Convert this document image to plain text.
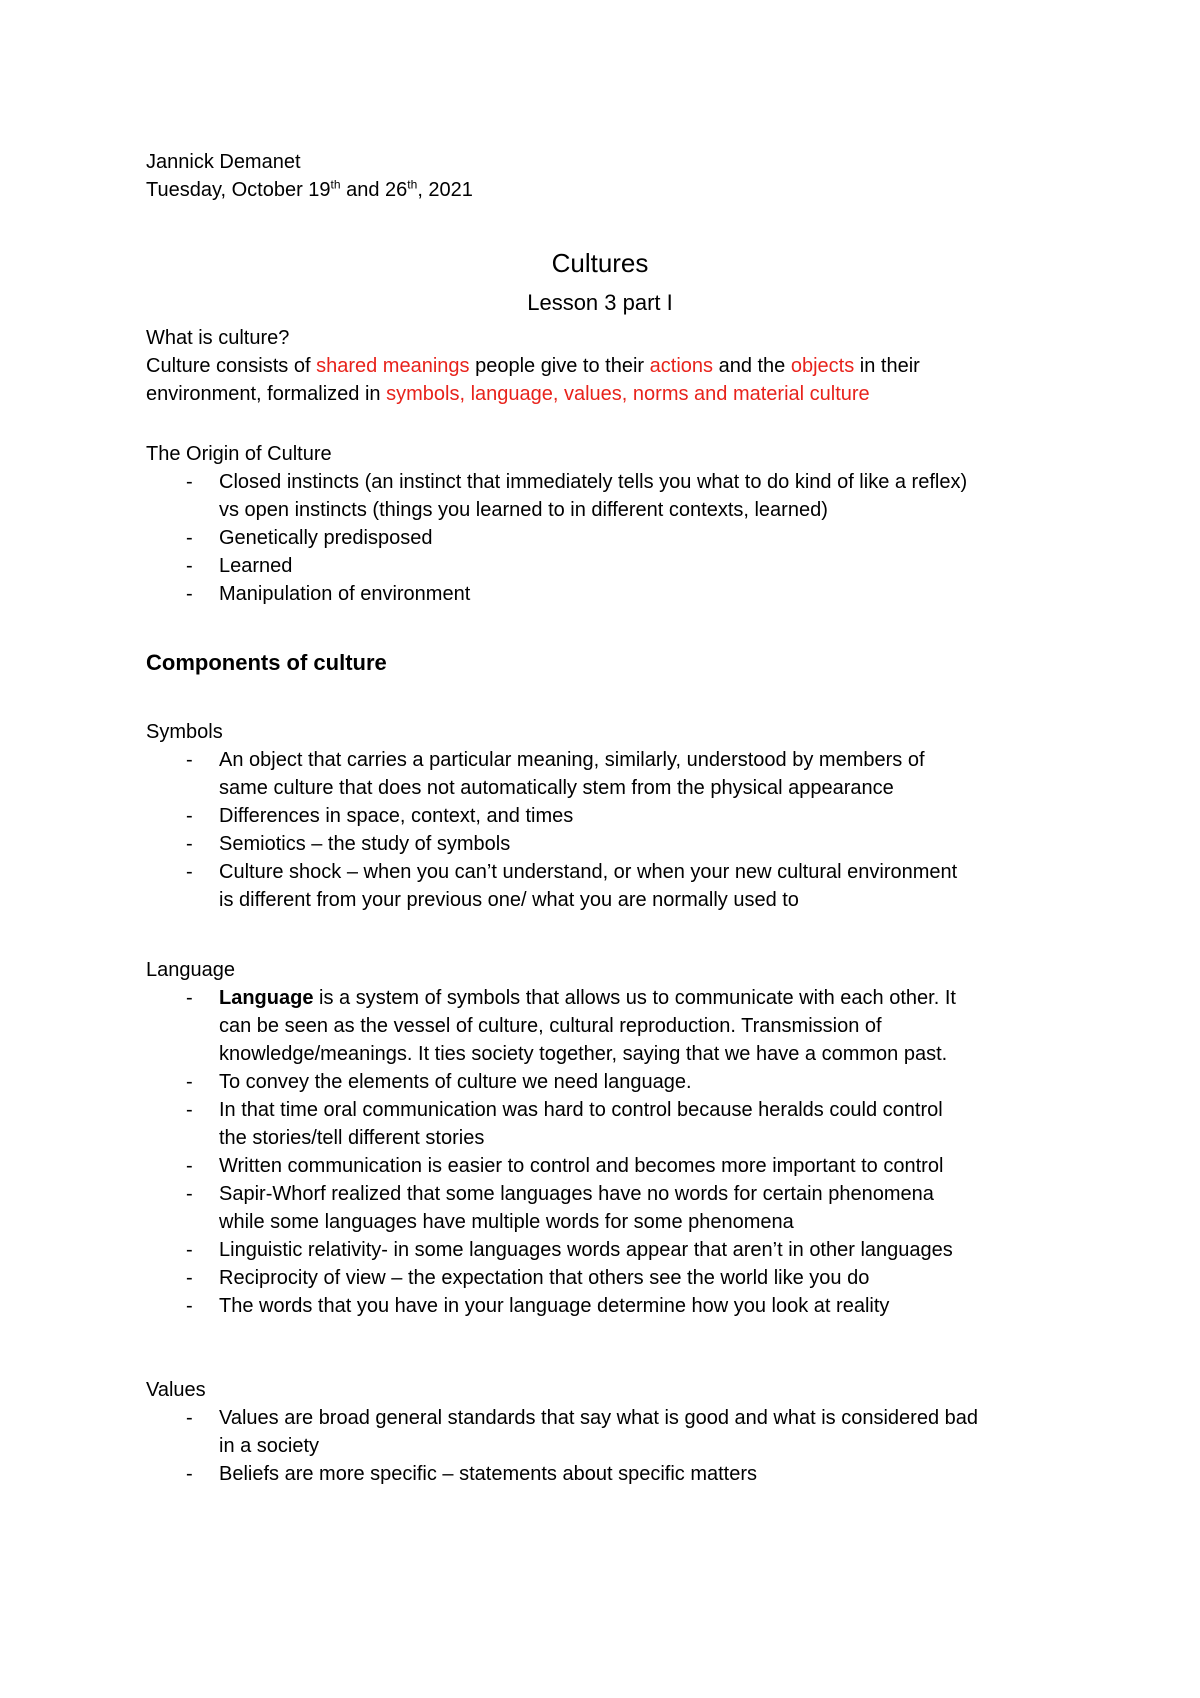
Jannick Demanet
Tuesday, October 19th and 26th, 2021
Cultures
Lesson 3 part I
What is culture?
Culture consists of shared meanings people give to their actions and the objects in their
environment, formalized in symbols, language, values, norms and material culture
The Origin of Culture
-	Closed instincts (an instinct that immediately tells you what to do kind of like a reflex)
vs open instincts (things you learned to in different contexts, learned)
-	Genetically predisposed
-	Learned
-	Manipulation of environment
Components of culture
Symbols
-	An object that carries a particular meaning, similarly, understood by members of
same culture that does not automatically stem from the physical appearance
-	Differences in space, context, and times
-	Semiotics – the study of symbols
-	Culture shock – when you can’t understand, or when your new cultural environment
is different from your previous one/ what you are normally used to
Language
-	Language is a system of symbols that allows us to communicate with each other. It
can be seen as the vessel of culture, cultural reproduction. Transmission of
knowledge/meanings. It ties society together, saying that we have a common past.
-	To convey the elements of culture we need language.
-	In that time oral communication was hard to control because heralds could control
the stories/tell different stories
-	Written communication is easier to control and becomes more important to control
-	Sapir-Whorf realized that some languages have no words for certain phenomena
while some languages have multiple words for some phenomena
-	Linguistic relativity- in some languages words appear that aren’t in other languages
-	Reciprocity of view – the expectation that others see the world like you do
-	The words that you have in your language determine how you look at reality
Values
-	Values are broad general standards that say what is good and what is considered bad
in a society
-	Beliefs are more specific – statements about specific matters
